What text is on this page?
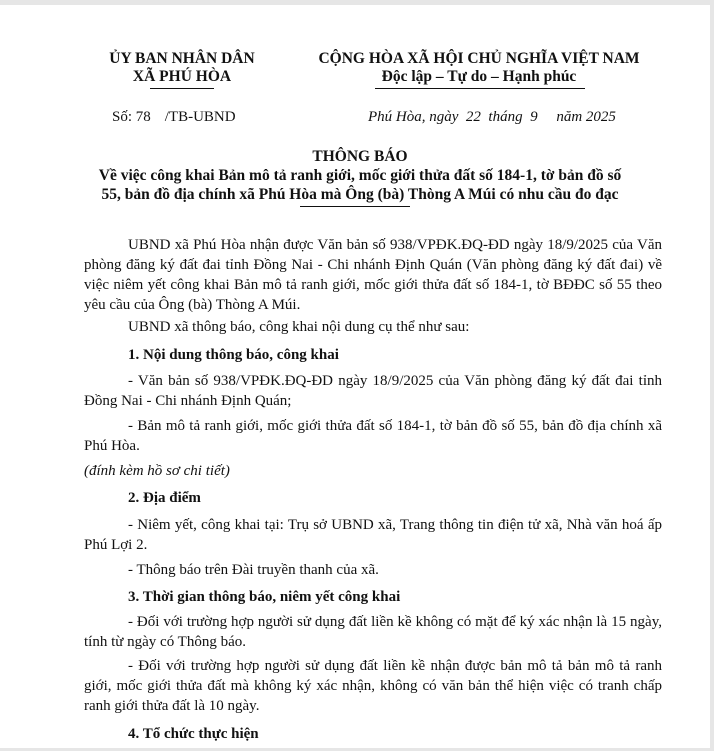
ỦY BAN NHÂN DÂN
XÃ PHÚ HÒA
CỘNG HÒA XÃ HỘI CHỦ NGHĨA VIỆT NAM
Độc lập – Tự do – Hạnh phúc
Số: 78 /TB-UBND	Phú Hòa, ngày  22  tháng  9     năm 2025
THÔNG BÁO
Về việc công khai Bản mô tả ranh giới, mốc giới thửa đất số 184-1, tờ bản đồ số
55, bản đồ địa chính xã Phú Hòa mà Ông (bà) Thòng A Múi có nhu cầu đo đạc
UBND xã Phú Hòa nhận được Văn bản số 938/VPĐK.ĐQ-ĐD ngày 18/9/2025 của Văn phòng đăng ký đất đai tỉnh Đồng Nai - Chi nhánh Định Quán (Văn phòng đăng ký đất đai) về việc niêm yết công khai Bản mô tả ranh giới, mốc giới thửa đất số 184-1, tờ BĐĐC số 55 theo yêu cầu của Ông (bà) Thòng A Múi.
UBND xã thông báo, công khai nội dung cụ thể như sau:
1. Nội dung thông báo, công khai
- Văn bản số 938/VPĐK.ĐQ-ĐD ngày 18/9/2025 của Văn phòng đăng ký đất đai tỉnh Đồng Nai - Chi nhánh Định Quán;
- Bản mô tả ranh giới, mốc giới thửa đất số 184-1, tờ bản đồ số 55, bản đồ địa chính xã Phú Hòa.
(đính kèm hồ sơ chi tiết)
2. Địa điểm
- Niêm yết, công khai tại: Trụ sở UBND xã, Trang thông tin điện tử xã, Nhà văn hoá ấp Phú Lợi 2.
- Thông báo trên Đài truyền thanh của xã.
3. Thời gian thông báo, niêm yết công khai
- Đối với trường hợp người sử dụng đất liền kề không có mặt để ký xác nhận là 15 ngày, tính từ ngày có Thông báo.
- Đối với trường hợp người sử dụng đất liền kề nhận được bản mô tả bản mô tả ranh giới, mốc giới thửa đất mà không ký xác nhận, không có văn bản thể hiện việc có tranh chấp ranh giới thửa đất là 10 ngày.
4. Tổ chức thực hiện
